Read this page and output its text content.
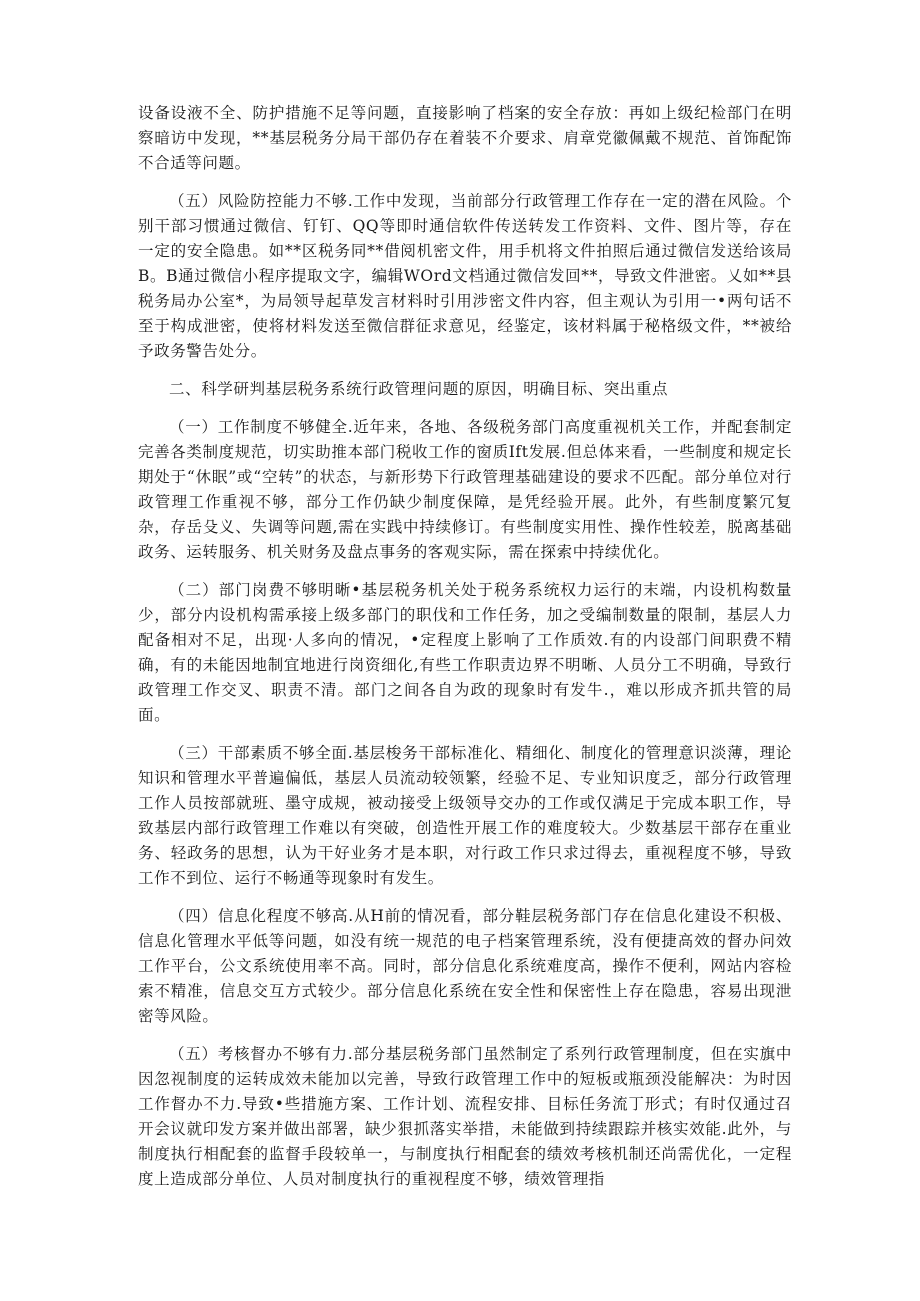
设备设液不全、防护措施不足等问题，直接影响了档案的安全存放：再如上级纪检部门在明察暗访中发现，**基层税务分局干部仍存在着装不介要求、肩章党徽佩戴不规范、首饰配饰不合适等问题。

（五）风险防控能力不够.工作中发现，当前部分行政管理工作存在一定的潜在风险。个别干部习惯通过微信、钉钉、QQ等即时通信软件传送转发工作资料、文件、图片等，存在一定的安全隐患。如**区税务同**借阅机密文件，用手机将文件拍照后通过微信发送给该局B。B通过微信小程序提取文字，编辑WOrd文档通过微信发回**，导致文件泄密。乂如**县税务局办公室*，为局领导起草发言材料时引用涉密文件内容，但主观认为引用一•两句话不至于构成泄密，使将材料发送至微信群征求意见，经鉴定，该材料属于秘格级文件，**被给予政务警告处分。

二、科学研判基层税务系统行政管理问题的原因，明确目标、突出重点

（一）工作制度不够健全.近年来，各地、各级税务部门高度重视机关工作，并配套制定完善各类制度规范，切实助推本部门税收工作的窗质Ift发展.但总体来看，一些制度和规定长期处于“休眠”或“空转”的状态，与新形势下行政管理基础建设的要求不匹配。部分单位对行政管理工作重视不够，部分工作仍缺少制度保障，是凭经验开展。此外，有些制度繁冗复杂，存岳殳义、失调等问题,需在实践中持续修订。有些制度实用性、操作性较差，脱离基础政务、运转服务、机关财务及盘点事务的客观实际，需在探索中持续优化。

（二）部门岗费不够明晰•基层税务机关处于税务系统权力运行的末端，内设机构数量少，部分内设机构需承接上级多部门的职伐和工作任务，加之受编制数量的限制，基层人力配备相对不足，出现·人多向的情况，•定程度上影响了工作质效.有的内设部门间职费不精确，有的未能因地制宜地进行岗资细化,有些工作职责边界不明晰、人员分工不明确，导致行政管理工作交叉、职责不清。部门之间各自为政的现象时有发牛.，难以形成齐抓共管的局面。

（三）干部素质不够全面.基层梭务干部标准化、精细化、制度化的管理意识淡薄，理论知识和管理水平普遍偏低，基层人员流动较领繁，经验不足、专业知识度乏，部分行政管理工作人员按部就班、墨守成规，被动接受上级领导交办的工作或仅满足于完成本职工作，导致基层内部行政管理工作难以有突破，创造性开展工作的难度较大。少数基层干部存在重业务、轻政务的思想，认为干好业务才是本职，对行政工作只求过得去，重视程度不够，导致工作不到位、运行不畅通等现象时有发生。

（四）信息化程度不够高.从H前的情况看，部分鞋层税务部门存在信息化建设不积极、信息化管理水平低等问题，如没有统一规范的电子档案管理系统，没有便捷高效的督办问效工作平台，公文系统使用率不高。同时，部分信息化系统难度高，操作不便利，网站内容检索不精准，信息交互方式较少。部分信息化系统在安全性和保密性上存在隐患，容易出现泄密等风险。

（五）考核督办不够有力.部分基层税务部门虽然制定了系列行政管理制度，但在实旗中因忽视制度的运转成效未能加以完善，导致行政管理工作中的短板或瓶颈没能解决：为时因工作督办不力.导致•些措施方案、工作计划、流程安排、目标任务流丁形式；有时仅通过召开会议就印发方案并做出部署，缺少狠抓落实举措，未能做到持续跟踪并核实效能.此外，与制度执行相配套的监督手段较单一，与制度执行相配套的绩效考核机制还尚需优化，一定程度上造成部分单位、人员对制度执行的重视程度不够，绩效管理指
